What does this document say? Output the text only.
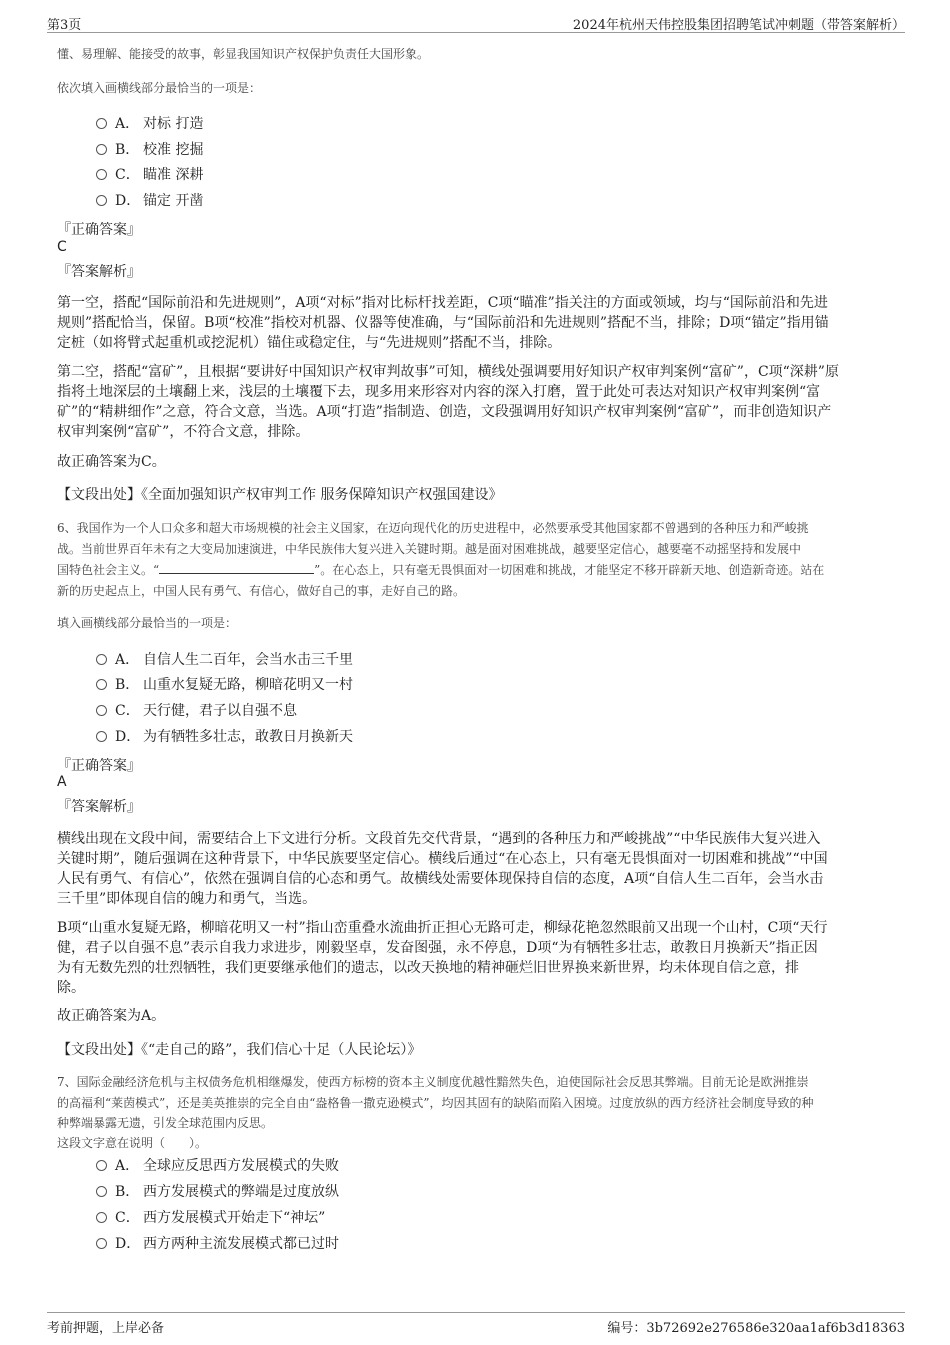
第3页	2024年杭州天伟控股集团招聘笔试冲刺题（带答案解析）
懂、易理解、能接受的故事，彰显我国知识产权保护负责任大国形象。
依次填入画横线部分最恰当的一项是：
A． 对标 打造
B． 校准 挖掘
C． 瞄准 深耕
D． 锚定 开凿
『正确答案』
C
『答案解析』
第一空，搭配“国际前沿和先进规则”，A项“对标”指对比标杆找差距，C项“瞄准”指关注的方面或领域，均与“国际前沿和先进
规则”搭配恰当，保留。B项“校准”指校对机器、仪器等使准确，与“国际前沿和先进规则”搭配不当，排除；D项“锚定”指用锚
定桩（如将臂式起重机或挖泥机）锚住或稳定住，与“先进规则”搭配不当，排除。
第二空，搭配“富矿”，且根据“要讲好中国知识产权审判故事”可知，横线处强调要用好知识产权审判案例“富矿”，C项“深耕”原
指将土地深层的土壤翻上来，浅层的土壤覆下去，现多用来形容对内容的深入打磨，置于此处可表达对知识产权审判案例“富
矿”的“精耕细作”之意，符合文意，当选。A项“打造”指制造、创造，文段强调用好知识产权审判案例“富矿”，而非创造知识产
权审判案例“富矿”，不符合文意，排除。
故正确答案为C。
【文段出处】《全面加强知识产权审判工作 服务保障知识产权强国建设》
6、我国作为一个人口众多和超大市场规模的社会主义国家，在迈向现代化的历史进程中，必然要承受其他国家都不曾遇到的各种压力和严峻挑
战。当前世界百年未有之大变局加速演进，中华民族伟大复兴进入关键时期。越是面对困难挑战，越要坚定信心，越要毫不动摇坚持和发展中
国特色社会主义。“	”。在心态上，只有毫无畏惧面对一切困难和挑战，才能坚定不移开辟新天地、创造新奇迹。站在
新的历史起点上，中国人民有勇气、有信心，做好自己的事，走好自己的路。
填入画横线部分最恰当的一项是：
A． 自信人生二百年，会当水击三千里
B． 山重水复疑无路，柳暗花明又一村
C． 天行健，君子以自强不息
D． 为有牺牲多壮志，敢教日月换新天
『正确答案』
A
『答案解析』
横线出现在文段中间，需要结合上下文进行分析。文段首先交代背景，“遇到的各种压力和严峻挑战”“中华民族伟大复兴进入
关键时期”，随后强调在这种背景下，中华民族要坚定信心。横线后通过“在心态上，只有毫无畏惧面对一切困难和挑战”“中国
人民有勇气、有信心”，依然在强调自信的心态和勇气。故横线处需要体现保持自信的态度，A项“自信人生二百年，会当水击
三千里”即体现自信的魄力和勇气，当选。
B项“山重水复疑无路，柳暗花明又一村”指山峦重叠水流曲折正担心无路可走，柳绿花艳忽然眼前又出现一个山村，C项“天行
健，君子以自强不息”表示自我力求进步，刚毅坚卓，发奋图强，永不停息，D项“为有牺牲多壮志，敢教日月换新天”指正因
为有无数先烈的壮烈牺牲，我们更要继承他们的遗志，以改天换地的精神砸烂旧世界换来新世界，均未体现自信之意，排
除。
故正确答案为A。
【文段出处】《“走自己的路”，我们信心十足（人民论坛）》
7、国际金融经济危机与主权债务危机相继爆发，使西方标榜的资本主义制度优越性黯然失色，迫使国际社会反思其弊端。目前无论是欧洲推崇
的高福利“莱茵模式”，还是美英推崇的完全自由“盎格鲁一撒克逊模式”，均因其固有的缺陷而陷入困境。过度放纵的西方经济社会制度导致的种
种弊端暴露无遗，引发全球范围内反思。
这段文字意在说明（　　）。
A． 全球应反思西方发展模式的失败
B． 西方发展模式的弊端是过度放纵
C． 西方发展模式开始走下“神坛”
D． 西方两种主流发展模式都已过时
考前押题，上岸必备	编号：3b72692e276586e320aa1af6b3d18363
